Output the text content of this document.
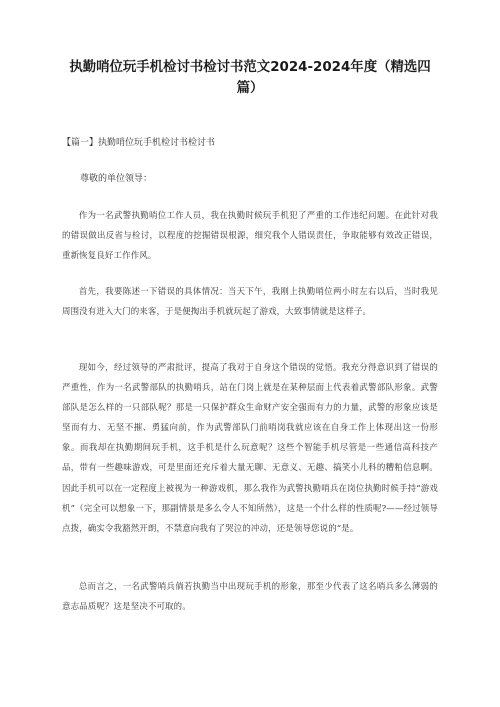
执勤哨位玩手机检讨书检讨书范文2024-2024年度（精选四篇）
【篇一】执勤哨位玩手机检讨书检讨书
尊敬的单位领导：

作为一名武警执勤哨位工作人员，我在执勤时候玩手机犯了严重的工作违纪问题。在此针对我的错误做出反省与检讨，以程度的挖掘错误根源，细究我个人错误责任，争取能够有效改正错误，重新恢复良好工作作风。

首先，我要陈述一下错误的具体情况：当天下午，我刚上执勤哨位两小时左右以后，当时我见周围没有进入大门的来客，于是便掏出手机就玩起了游戏，大致事情就是这样子。

现如今，经过领导的严肃批评，提高了我对于自身这个错误的觉悟。我充分得意识到了错误的严重性，作为一名武警部队的执勤哨兵，站在门岗上就是在某种层面上代表着武警部队形象。武警部队是怎么样的一只部队呢？那是一只保护群众生命财产安全强而有力的力量，武警的形象应该是坚而有力、无坚不摧、勇猛向前，作为武警部队门前哨岗我就应该在自身工作上体现出这一份形象。而我却在执勤期间玩手机，这手机是什么玩意呢？这些个智能手机尽管是一些通信高科技产品，带有一些趣味游戏，可是里面还充斥着大量无聊、无意义、无趣、搞笑小儿科的糟粕信息啊。因此手机可以在一定程度上被视为一种游戏机，那么我作为武警执勤哨兵在岗位执勤时候手持“游戏机”（完全可以想象一下，那副情景是多么令人不知所然），这是一个什么样的性质呢?——经过领导点拨，确实令我豁然开朗，不禁意向我有了哭泣的冲动，还是领导您说的“是。

总而言之，一名武警哨兵倘若执勤当中出现玩手机的形象，那至少代表了这名哨兵多么薄弱的意志品质呢？这是坚决不可取的。
